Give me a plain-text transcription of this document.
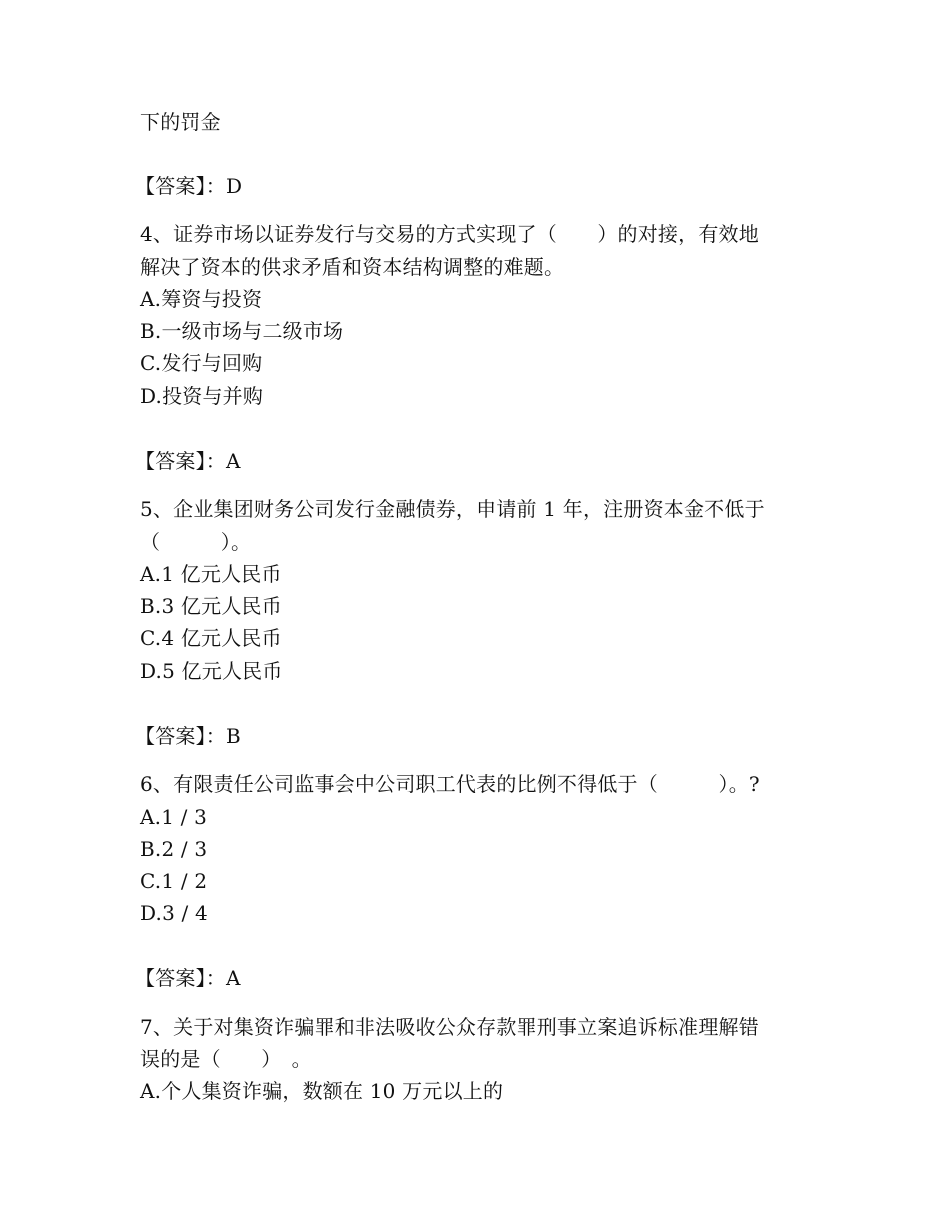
下的罚金
【答案】：D
4、证券市场以证券发行与交易的方式实现了（　　）的对接，有效地
解决了资本的供求矛盾和资本结构调整的难题。
A.筹资与投资
B.一级市场与二级市场
C.发行与回购
D.投资与并购
【答案】：A
5、企业集团财务公司发行金融债券，申请前 1 年，注册资本金不低于
（　　　）。
A.1 亿元人民币
B.3 亿元人民币
C.4 亿元人民币
D.5 亿元人民币
【答案】：B
6、有限责任公司监事会中公司职工代表的比例不得低于（　　　）。?
A.1 / 3
B.2 / 3
C.1 / 2
D.3 / 4
【答案】：A
7、关于对集资诈骗罪和非法吸收公众存款罪刑事立案追诉标准理解错
误的是（　　）　。
A.个人集资诈骗，数额在 10 万元以上的
